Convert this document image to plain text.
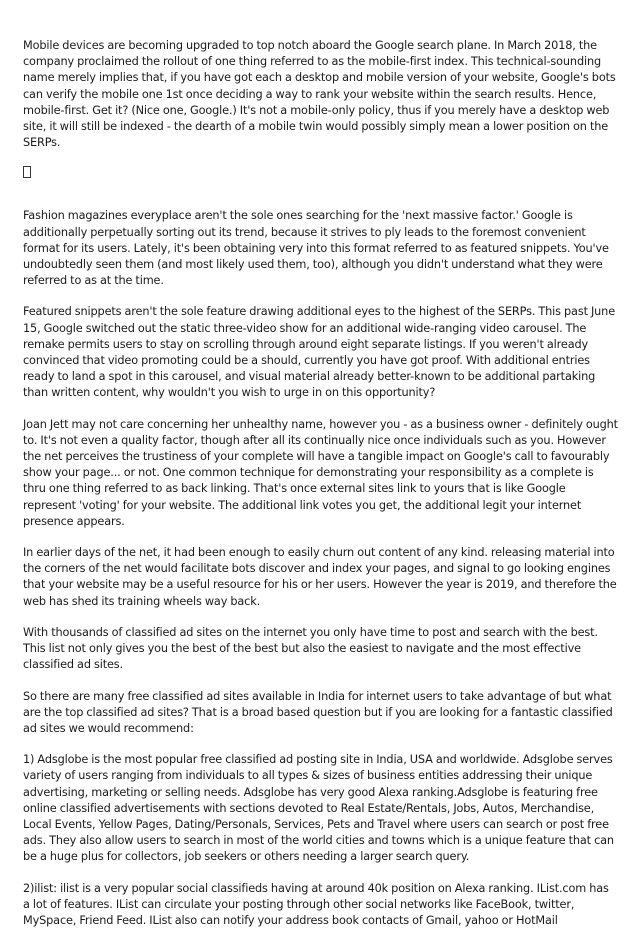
Mobile devices are becoming upgraded to top notch aboard the Google search plane. In March 2018, the company proclaimed the rollout of one thing referred to as the mobile-first index. This technical-sounding name merely implies that, if you have got each a desktop and mobile version of your website, Google's bots can verify the mobile one 1st once deciding a way to rank your website within the search results. Hence, mobile-first. Get it? (Nice one, Google.) It's not a mobile-only policy, thus if you merely have a desktop web site, it will still be indexed - the dearth of a mobile twin would possibly simply mean a lower position on the SERPs.

Fashion magazines everyplace aren't the sole ones searching for the 'next massive factor.' Google is additionally perpetually sorting out its trend, because it strives to ply leads to the foremost convenient format for its users. Lately, it's been obtaining very into this format referred to as featured snippets. You've undoubtedly seen them (and most likely used them, too), although you didn't understand what they were referred to as at the time.

Featured snippets aren't the sole feature drawing additional eyes to the highest of the SERPs. This past June 15, Google switched out the static three-video show for an additional wide-ranging video carousel. The remake permits users to stay on scrolling through around eight separate listings. If you weren't already convinced that video promoting could be a should, currently you have got proof. With additional entries ready to land a spot in this carousel, and visual material already better-known to be additional partaking than written content, why wouldn't you wish to urge in on this opportunity?

Joan Jett may not care concerning her unhealthy name, however you - as a business owner - definitely ought to. It's not even a quality factor, though after all its continually nice once individuals such as you. However the net perceives the trustiness of your complete will have a tangible impact on Google's call to favourably show your page... or not. One common technique for demonstrating your responsibility as a complete is thru one thing referred to as back linking. That's once external sites link to yours that is like Google represent 'voting' for your website. The additional link votes you get, the additional legit your internet presence appears.

In earlier days of the net, it had been enough to easily churn out content of any kind. releasing material into the corners of the net would facilitate bots discover and index your pages, and signal to go looking engines that your website may be a useful resource for his or her users. However the year is 2019, and therefore the web has shed its training wheels way back.

With thousands of classified ad sites on the internet you only have time to post and search with the best. This list not only gives you the best of the best but also the easiest to navigate and the most effective classified ad sites.

So there are many free classified ad sites available in India for internet users to take advantage of but what are the top classified ad sites? That is a broad based question but if you are looking for a fantastic classified ad sites we would recommend:

1) Adsglobe is the most popular free classified ad posting site in India, USA and worldwide. Adsglobe serves variety of users ranging from individuals to all types & sizes of business entities addressing their unique advertising, marketing or selling needs. Adsglobe has very good Alexa ranking.Adsglobe is featuring free online classified advertisements with sections devoted to Real Estate/Rentals, Jobs, Autos, Merchandise, Local Events, Yellow Pages, Dating/Personals, Services, Pets and Travel where users can search or post free ads. They also allow users to search in most of the world cities and towns which is a unique feature that can be a huge plus for collectors, job seekers or others needing a larger search query.

2)ilist: ilist is a very popular social classifieds having at around 40k position on Alexa ranking. IList.com has a lot of features. IList can circulate your posting through other social networks like FaceBook, twitter, MySpace, Friend Feed. IList also can notify your address book contacts of Gmail, yahoo or HotMail
